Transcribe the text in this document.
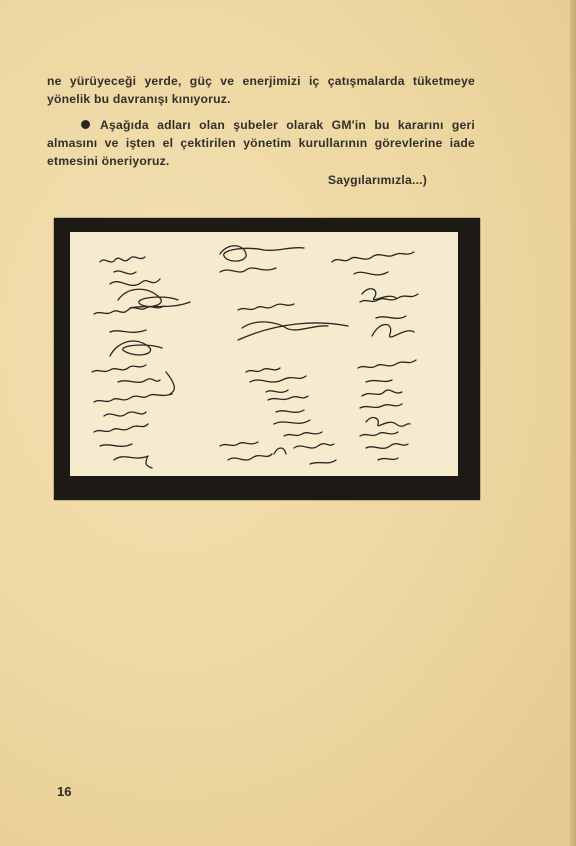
ne yürüyeceği yerde, güç ve enerjimizi iç çatışmalarda tüketmeye yönelik bu davranışı kınıyoruz.
Aşağıda adları olan şubeler olarak GM'in bu kararını geri almasını ve işten el çektirilen yönetim kurullarının görevlerine iade etmesini öneriyoruz.
Saygılarımızla...)
16
